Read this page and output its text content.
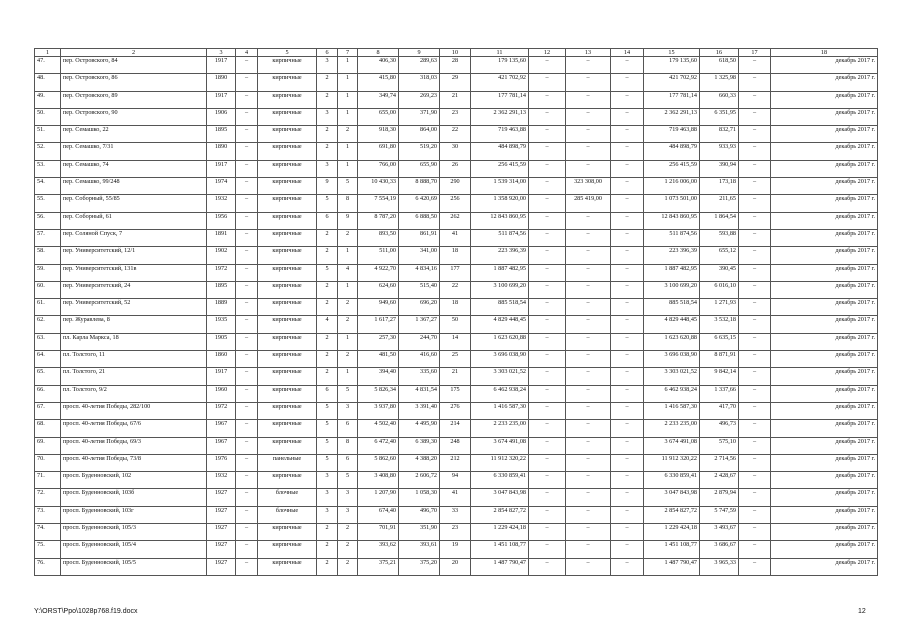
1	2	3	4	5	6	7	8	9	10	11	12	13	14	15	16	17	18
47.	пер. Островского, 84	1917	–	кирпичные	3	1	406,30	289,63	28	179 135,60	–	–	–	179 135,60	618,50	–	декабрь 2017 г.
48.	пер. Островского, 86	1890	–	кирпичные	2	1	415,80	318,03	29	421 702,92	–	–	–	421 702,92	1 325,98	–	декабрь 2017 г.
49.	пер. Островского, 89	1917	–	кирпичные	2	1	349,74	269,23	21	177 781,14	–	–	–	177 781,14	660,33	–	декабрь 2017 г.
50.	пер. Островского, 90	1906	–	кирпичные	3	1	655,00	371,90	23	2 362 291,13	–	–	–	2 362 291,13	6 351,95	–	декабрь 2017 г.
51.	пер. Семашко, 22	1895	–	кирпичные	2	2	918,30	864,00	22	719 463,88	–	–	–	719 463,88	832,71	–	декабрь 2017 г.
52.	пер. Семашко, 7/31	1890	–	кирпичные	2	1	691,80	519,20	30	484 898,79	–	–	–	484 898,79	933,93	–	декабрь 2017 г.
53.	пер. Семашко, 74	1917	–	кирпичные	3	1	766,00	655,90	26	256 415,59	–	–	–	256 415,59	390,94	–	декабрь 2017 г.
54.	пер. Семашко, 99/248	1974	–	кирпичные	9	5	10 430,33	8 888,70	290	1 539 314,00	–	323 308,00	–	1 216 006,00	173,18	–	декабрь 2017 г.
55.	пер. Соборный, 55/85	1932	–	кирпичные	5	8	7 554,19	6 420,69	256	1 358 920,00	–	285 419,00	–	1 073 501,00	211,65	–	декабрь 2017 г.
56.	пер. Соборный, 61	1956	–	кирпичные	6	9	8 787,20	6 888,50	262	12 843 860,95	–	–	–	12 843 860,95	1 864,54	–	декабрь 2017 г.
57.	пер. Соляной Спуск, 7	1891	–	кирпичные	2	2	893,50	861,91	41	511 874,56	–	–	–	511 874,56	593,88	–	декабрь 2017 г.
58.	пер. Университетский, 12/1	1902	–	кирпичные	2	1	511,00	341,00	18	223 396,39	–	–	–	223 396,39	655,12	–	декабрь 2017 г.
59.	пер. Университетский, 131в	1972	–	кирпичные	5	4	4 922,70	4 834,16	177	1 887 482,95	–	–	–	1 887 482,95	390,45	–	декабрь 2017 г.
60.	пер. Университетский, 24	1895	–	кирпичные	2	1	624,60	515,40	22	3 100 699,20	–	–	–	3 100 699,20	6 016,10	–	декабрь 2017 г.
61.	пер. Университетский, 52	1889	–	кирпичные	2	2	949,60	696,20	18	885 518,54	–	–	–	885 518,54	1 271,93	–	декабрь 2017 г.
62.	пер. Журавлева, 8	1935	–	кирпичные	4	2	1 617,27	1 367,27	50	4 829 448,45	–	–	–	4 829 448,45	3 532,18	–	декабрь 2017 г.
63.	пл. Карла Маркса, 18	1905	–	кирпичные	2	1	257,30	244,70	14	1 623 620,88	–	–	–	1 623 620,88	6 635,15	–	декабрь 2017 г.
64.	пл. Толстого, 11	1860	–	кирпичные	2	2	481,50	416,60	25	3 696 038,90	–	–	–	3 696 038,90	8 871,91	–	декабрь 2017 г.
65.	пл. Толстого, 21	1917	–	кирпичные	2	1	394,40	335,60	21	3 303 021,52	–	–	–	3 303 021,52	9 842,14	–	декабрь 2017 г.
66.	пл. Толстого, 9/2	1960	–	кирпичные	6	5	5 826,34	4 831,54	175	6 462 938,24	–	–	–	6 462 938,24	1 337,66	–	декабрь 2017 г.
67.	просп. 40-летия Победы, 282/100	1972	–	кирпичные	5	3	3 937,80	3 391,40	276	1 416 587,30	–	–	–	1 416 587,30	417,70	–	декабрь 2017 г.
68.	просп. 40-летия Победы, 67/6	1967	–	кирпичные	5	6	4 502,40	4 495,90	214	2 233 235,00	–	–	–	2 233 235,00	496,73	–	декабрь 2017 г.
69.	просп. 40-летия Победы, 69/3	1967	–	кирпичные	5	8	6 472,40	6 389,30	248	3 674 491,08	–	–	–	3 674 491,08	575,10	–	декабрь 2017 г.
70.	просп. 40-летия Победы, 73/8	1976	–	панельные	5	6	5 862,60	4 388,20	212	11 912 320,22	–	–	–	11 912 320,22	2 714,56	–	декабрь 2017 г.
71.	просп. Буденновский, 102	1932	–	кирпичные	3	5	3 408,80	2 606,72	94	6 330 859,41	–	–	–	6 330 859,41	2 428,67	–	декабрь 2017 г.
72.	просп. Буденновский, 103б	1927	–	блочные	3	3	1 207,90	1 058,30	41	3 047 843,98	–	–	–	3 047 843,98	2 879,94	–	декабрь 2017 г.
73.	просп. Буденновский, 103г	1927	–	блочные	3	3	674,40	496,70	33	2 854 827,72	–	–	–	2 854 827,72	5 747,59	–	декабрь 2017 г.
74.	просп. Буденновский, 105/3	1927	–	кирпичные	2	2	701,91	351,90	23	1 229 424,18	–	–	–	1 229 424,18	3 493,67	–	декабрь 2017 г.
75.	просп. Буденновский, 105/4	1927	–	кирпичные	2	2	393,62	393,61	19	1 451 108,77	–	–	–	1 451 108,77	3 686,67	–	декабрь 2017 г.
76.	просп. Буденновский, 105/5	1927	–	кирпичные	2	2	375,21	375,20	20	1 487 790,47	–	–	–	1 487 790,47	3 965,33	–	декабрь 2017 г.
Y:\ORST\Ppo\1028p768.f19.docx	12
